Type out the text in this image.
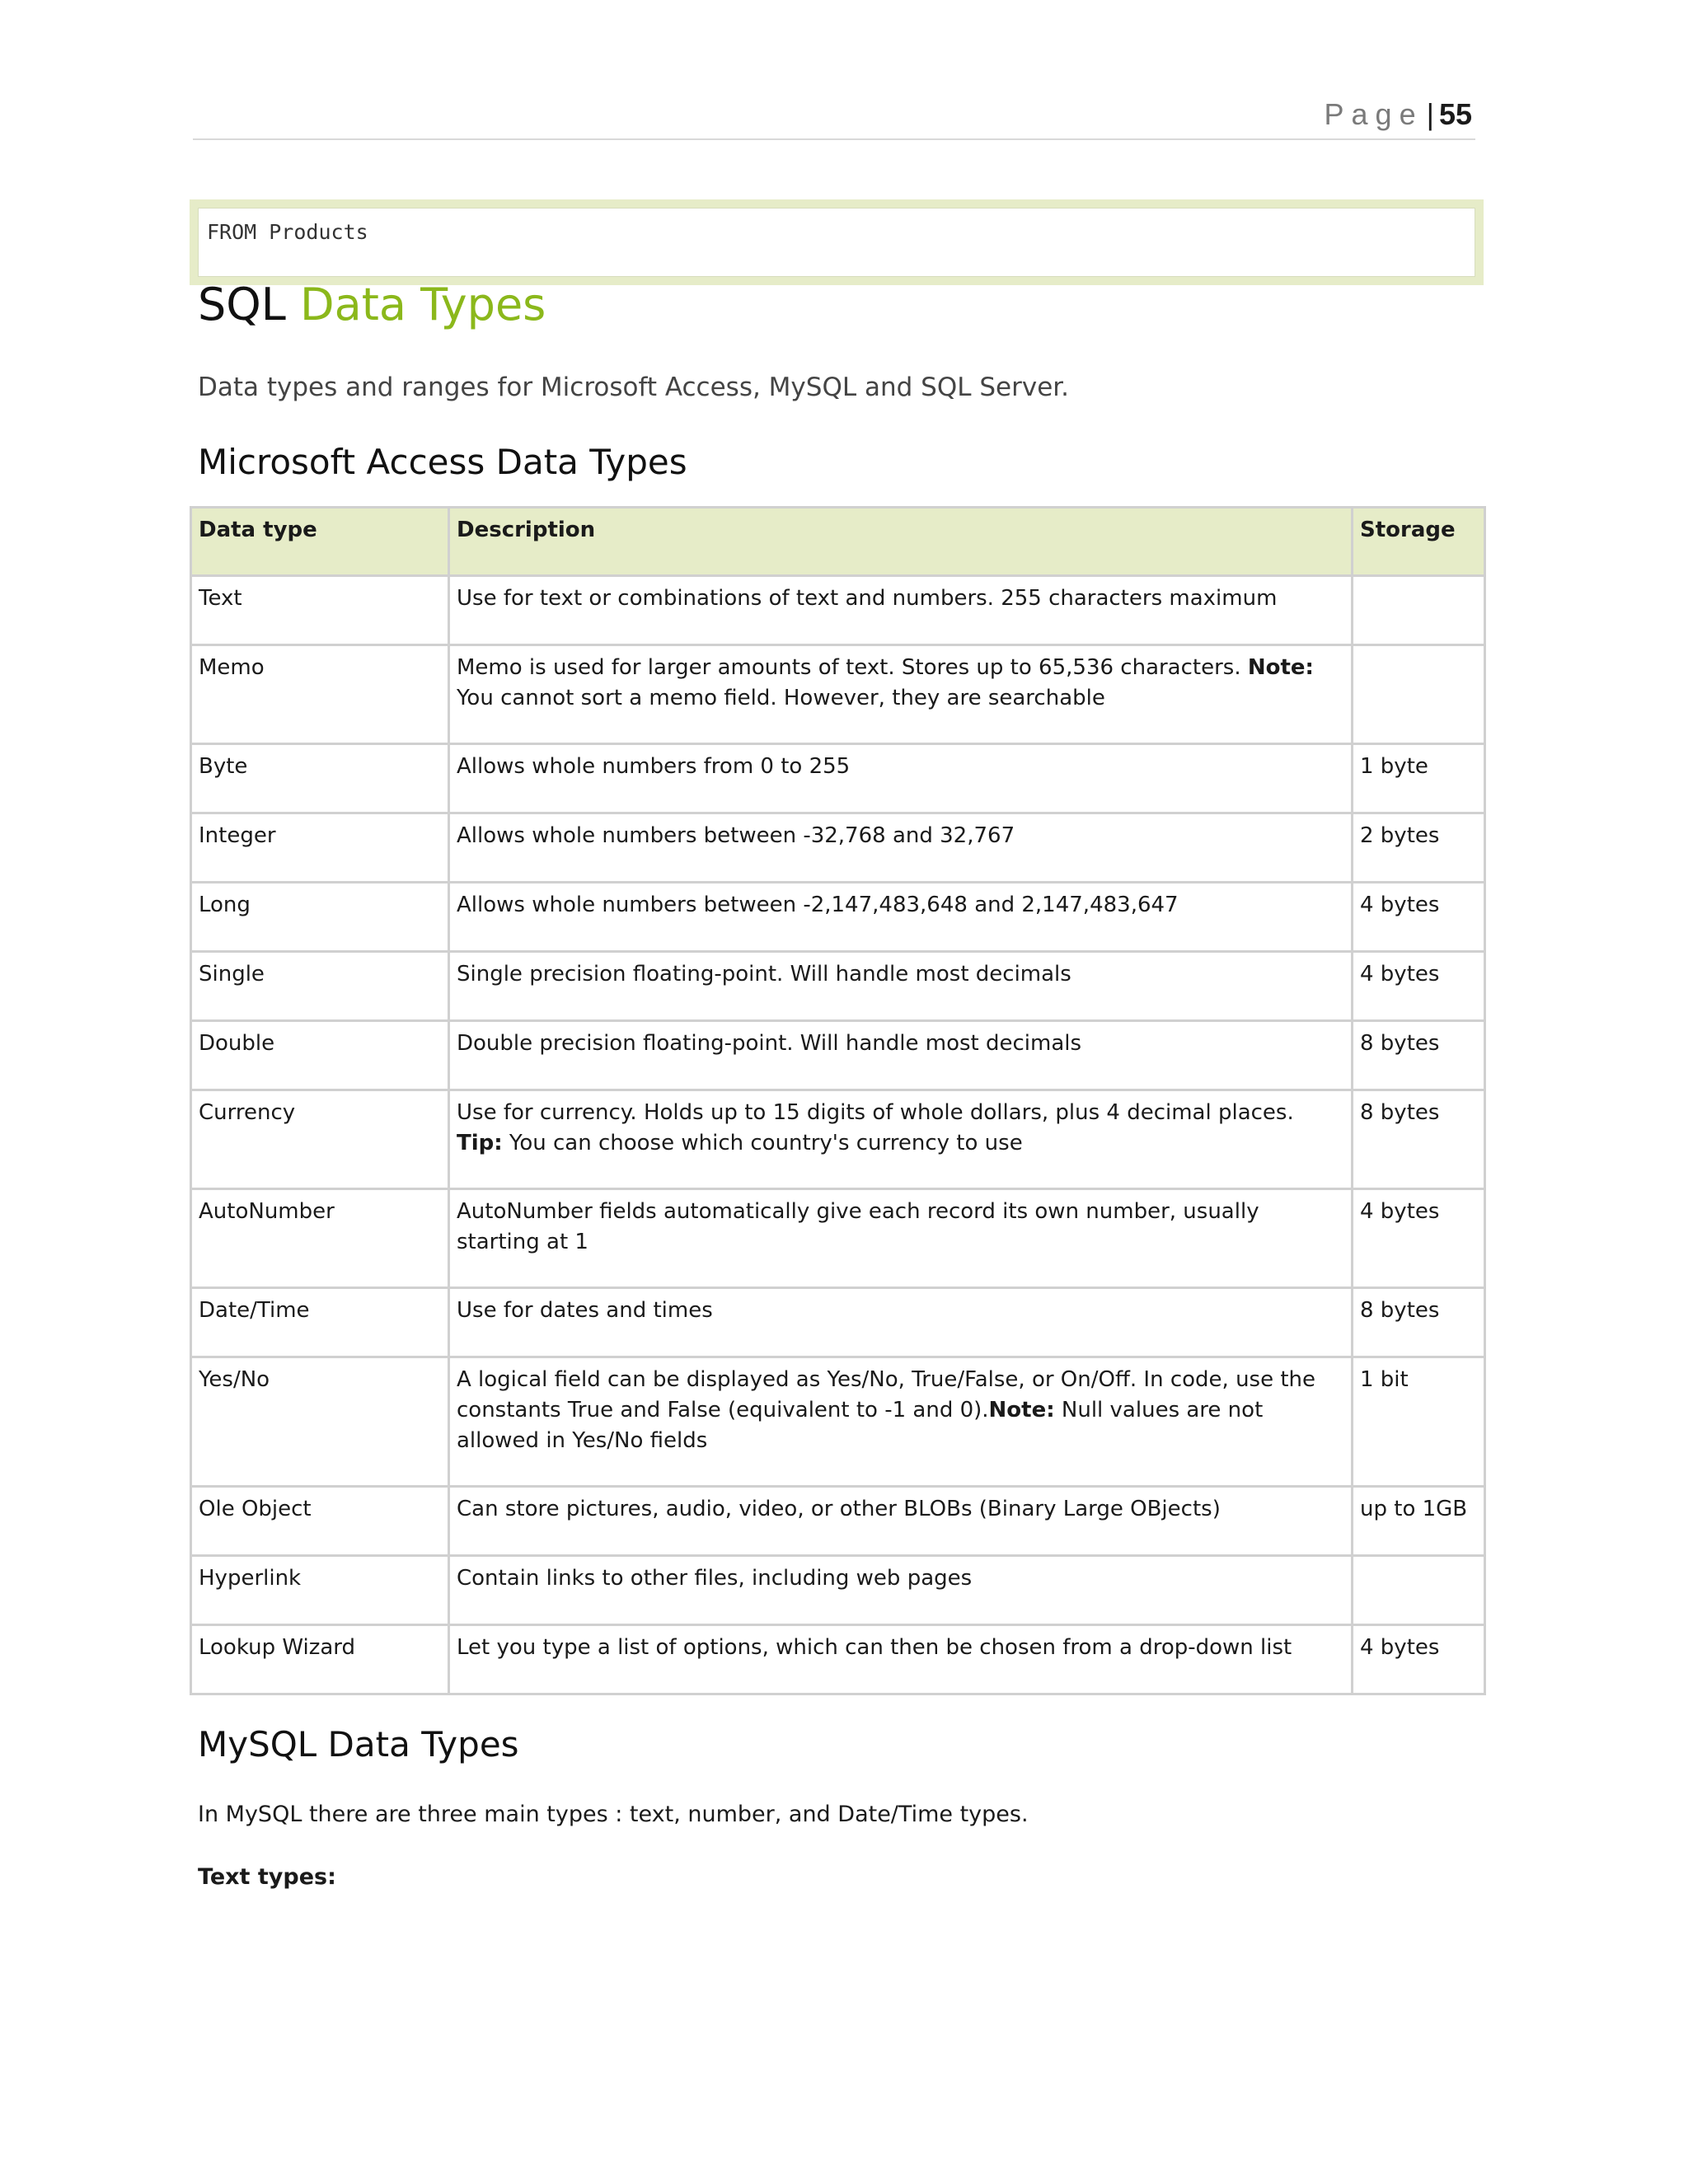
Page | 55
FROM Products
SQL Data Types

Data types and ranges for Microsoft Access, MySQL and SQL Server.

Microsoft Access Data Types
Data type	Description	Storage
Text	Use for text or combinations of text and numbers. 255 characters maximum	
Memo	Memo is used for larger amounts of text. Stores up to 65,536 characters. Note: You cannot sort a memo field. However, they are searchable	
Byte	Allows whole numbers from 0 to 255	1 byte
Integer	Allows whole numbers between -32,768 and 32,767	2 bytes
Long	Allows whole numbers between -2,147,483,648 and 2,147,483,647	4 bytes
Single	Single precision floating-point. Will handle most decimals	4 bytes
Double	Double precision floating-point. Will handle most decimals	8 bytes
Currency	Use for currency. Holds up to 15 digits of whole dollars, plus 4 decimal places. Tip: You can choose which country's currency to use	8 bytes
AutoNumber	AutoNumber fields automatically give each record its own number, usually starting at 1	4 bytes
Date/Time	Use for dates and times	8 bytes
Yes/No	A logical field can be displayed as Yes/No, True/False, or On/Off. In code, use the constants True and False (equivalent to -1 and 0).Note: Null values are not allowed in Yes/No fields	1 bit
Ole Object	Can store pictures, audio, video, or other BLOBs (Binary Large OBjects)	up to 1GB
Hyperlink	Contain links to other files, including web pages	
Lookup Wizard	Let you type a list of options, which can then be chosen from a drop-down list	4 bytes
MySQL Data Types

In MySQL there are three main types : text, number, and Date/Time types.

Text types:
